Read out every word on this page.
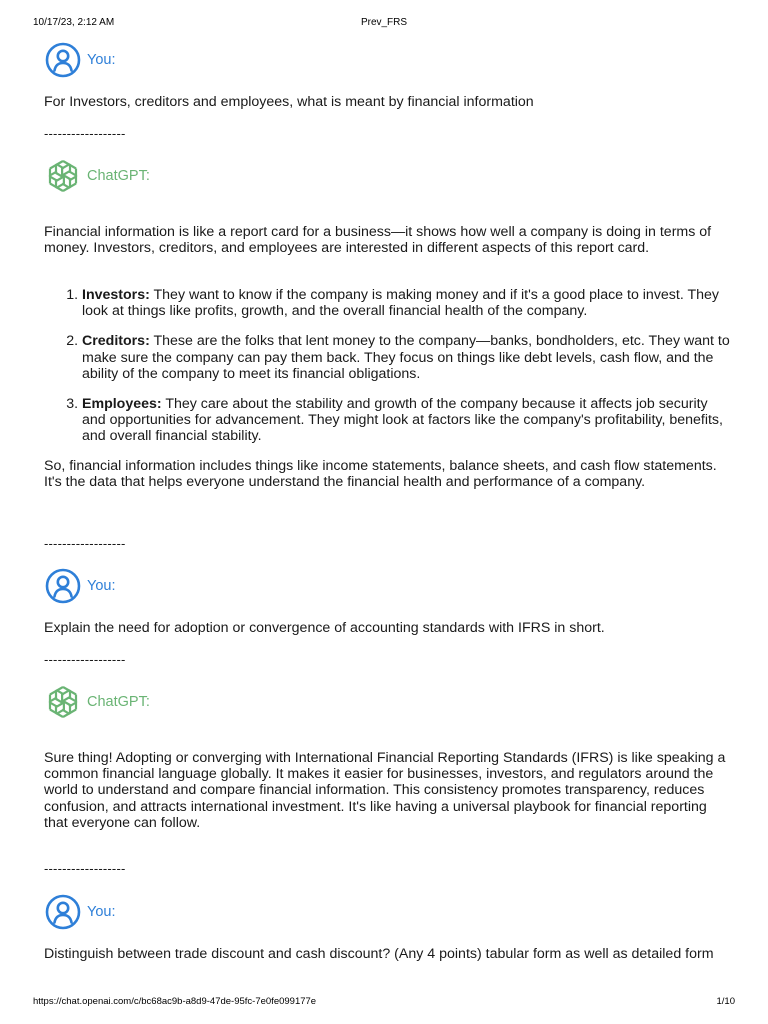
10/17/23, 2:12 AM	Prev_FRS
You:
For Investors, creditors and employees, what is meant by financial information
------------------
ChatGPT:
Financial information is like a report card for a business—it shows how well a company is doing in terms of money. Investors, creditors, and employees are interested in different aspects of this report card.
1. Investors: They want to know if the company is making money and if it's a good place to invest. They look at things like profits, growth, and the overall financial health of the company.
2. Creditors: These are the folks that lent money to the company—banks, bondholders, etc. They want to make sure the company can pay them back. They focus on things like debt levels, cash flow, and the ability of the company to meet its financial obligations.
3. Employees: They care about the stability and growth of the company because it affects job security and opportunities for advancement. They might look at factors like the company's profitability, benefits, and overall financial stability.
So, financial information includes things like income statements, balance sheets, and cash flow statements. It's the data that helps everyone understand the financial health and performance of a company.
------------------
You:
Explain the need for adoption or convergence of accounting standards with IFRS in short.
------------------
ChatGPT:
Sure thing! Adopting or converging with International Financial Reporting Standards (IFRS) is like speaking a common financial language globally. It makes it easier for businesses, investors, and regulators around the world to understand and compare financial information. This consistency promotes transparency, reduces confusion, and attracts international investment. It's like having a universal playbook for financial reporting that everyone can follow.
------------------
You:
Distinguish between trade discount and cash discount? (Any 4 points) tabular form as well as detailed form
https://chat.openai.com/c/bc68ac9b-a8d9-47de-95fc-7e0fe099177e	1/10
